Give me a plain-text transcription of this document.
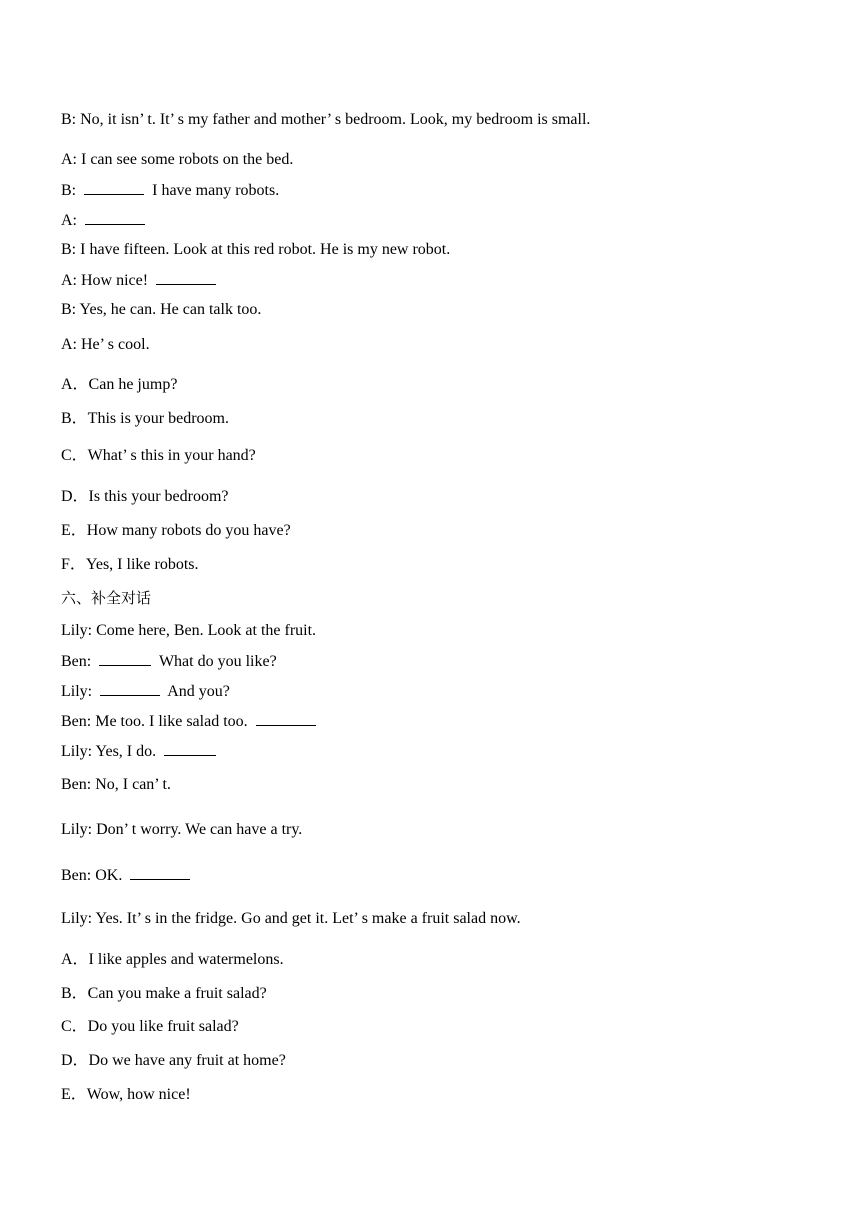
B: No, it isn’ t. It’ s my father and mother’ s bedroom. Look, my bedroom is small.
A: I can see some robots on the bed.
B:	I have many robots.
A:
B: I have fifteen. Look at this red robot. He is my new robot.
A: How nice!
B: Yes, he can. He can talk too.
A: He’ s cool.
A．Can he jump?
B．This is your bedroom.
C．What’ s this in your hand?
D．Is this your bedroom?
E．How many robots do you have?
F．Yes, I like robots.
六、补全对话
Lily: Come here, Ben. Look at the fruit.
Ben:	What do you like?
Lily:	And you?
Ben: Me too. I like salad too.
Lily: Yes, I do.
Ben: No, I can’ t.
Lily: Don’ t worry. We can have a try.
Ben: OK.
Lily: Yes. It’ s in the fridge. Go and get it. Let’ s make a fruit salad now.
A．I like apples and watermelons.
B．Can you make a fruit salad?
C．Do you like fruit salad?
D．Do we have any fruit at home?
E．Wow, how nice!
